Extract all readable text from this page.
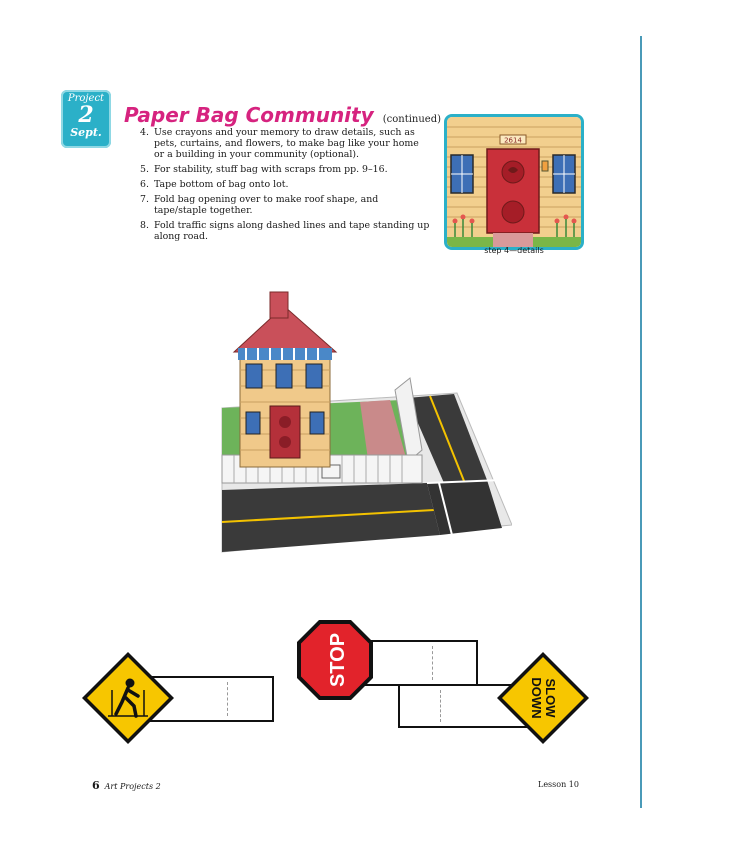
Project
2
Sept.
Paper Bag Community (continued)
4. Use crayons and your memory to draw details, such as pets, curtains, and flowers, to make bag like your home or a building in your community (optional).
5. For stability, stuff bag with scraps from pp. 9–16.
6. Tape bottom of bag onto lot.
7. Fold bag opening over to make roof shape, and tape/staple together.
8. Fold traffic signs along dashed lines and tape standing up along road.
2614
step 4—details
STOP
SLOW
DOWN
6 Art Projects 2	Lesson 10
